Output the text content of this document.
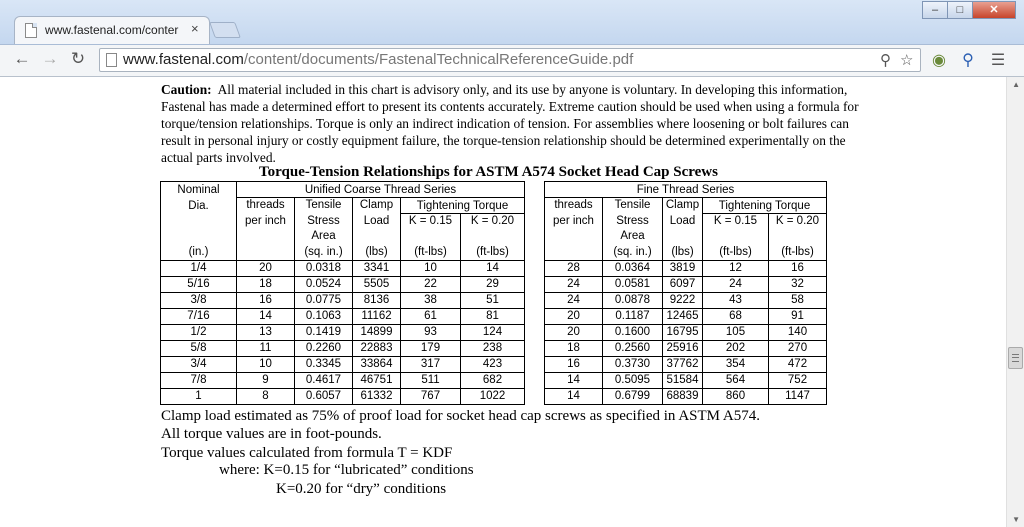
www.fastenal.com/conter ×
–	□	✕
← → ↻	www.fastenal.com/content/documents/FastenalTechnicalReferenceGuide.pdf	⚲ ☆ ◉ ⚲ ☰
▲
▼
Caution: All material included in this chart is advisory only, and its use by anyone is voluntary. In developing this information, Fastenal has made a determined effort to present its contents accurately. Extreme caution should be used when using a formula for torque/tension relationships. Torque is only an indirect indication of tension. For assemblies where loosening or bolt failures can result in personal injury or costly equipment failure, the torque-tension relationship should be determined experimentally on the actual parts involved.
Torque-Tension Relationships for ASTM A574 Socket Head Cap Screws
Nominal	Unified Coarse Thread Series						Fine Thread Series				
Dia.	threads per inch	Tensile Stress Area	Clamp Load	Tightening Torque			threads per inch	Tensile Stress Area	Clamp Load	Tightening Torque	
				K = 0.15	K = 0.20					K = 0.15	K = 0.20
(in.)		(sq. in.)	(lbs)	(ft-lbs)	(ft-lbs)			(sq. in.)	(lbs)	(ft-lbs)	(ft-lbs)
1/4	20	0.0318	3341	10	14		28	0.0364	3819	12	16
5/16	18	0.0524	5505	22	29		24	0.0581	6097	24	32
3/8	16	0.0775	8136	38	51		24	0.0878	9222	43	58
7/16	14	0.1063	11162	61	81		20	0.1187	12465	68	91
1/2	13	0.1419	14899	93	124		20	0.1600	16795	105	140
5/8	11	0.2260	22883	179	238		18	0.2560	25916	202	270
3/4	10	0.3345	33864	317	423		16	0.3730	37762	354	472
7/8	9	0.4617	46751	511	682		14	0.5095	51584	564	752
1	8	0.6057	61332	767	1022		14	0.6799	68839	860	1147
Clamp load estimated as 75% of proof load for socket head cap screws as specified in ASTM A574.
All torque values are in foot-pounds.
Torque values calculated from formula T = KDF
where: K=0.15 for “lubricated” conditions
K=0.20 for “dry” conditions
